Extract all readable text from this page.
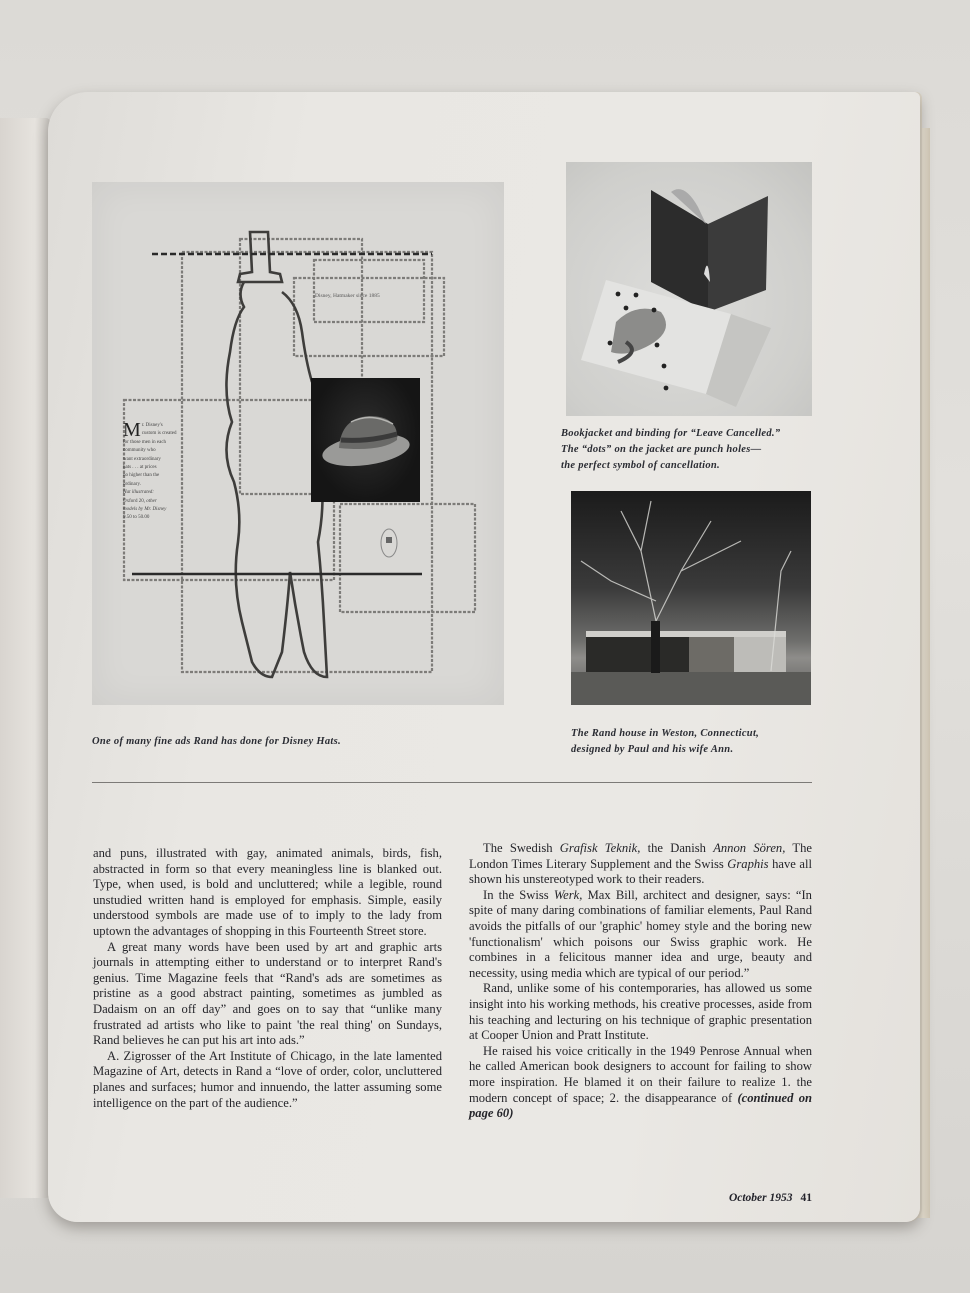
Disney, Hatmaker since 1885
M r. Disney's
custom is created
for those men in each
community who
want extraordinary
hats . . . at prices
no higher than the
ordinary.
Hat illustrated:
Oxford 20, other
models by Mr. Disney
9.50 to 50.00
One of many fine ads Rand has done for Disney Hats.
Bookjacket and binding for “Leave Cancelled.”
The “dots” on the jacket are punch holes—
the perfect symbol of cancellation.
The Rand house in Weston, Connecticut,
designed by Paul and his wife Ann.

and puns, illustrated with gay, animated animals, birds, fish, abstracted in form so that every meaningless line is blanked out. Type, when used, is bold and uncluttered; while a legible, round unstudied written hand is employed for emphasis. Simple, easily understood symbols are made use of to imply to the lady from uptown the advantages of shopping in this Fourteenth Street store.

A great many words have been used by art and graphic arts journals in attempting either to understand or to interpret Rand's genius. Time Magazine feels that “Rand's ads are sometimes as pristine as a good abstract painting, sometimes as jumbled as Dadaism on an off day” and goes on to say that “unlike many frustrated ad artists who like to paint 'the real thing' on Sundays, Rand believes he can put his art into ads.”

A. Zigrosser of the Art Institute of Chicago, in the late lamented Magazine of Art, detects in Rand a “love of order, color, uncluttered planes and surfaces; humor and innuendo, the latter assuming some intelligence on the part of the audience.”

The Swedish Grafisk Teknik, the Danish Annon Sören, The London Times Literary Supplement and the Swiss Graphis have all shown his unstereotyped work to their readers.

In the Swiss Werk, Max Bill, architect and designer, says: “In spite of many daring combinations of familiar elements, Paul Rand avoids the pitfalls of our 'graphic' homey style and the boring new 'functionalism' which poisons our Swiss graphic work. He combines in a felicitous manner idea and urge, beauty and necessity, using media which are typical of our period.”

Rand, unlike some of his contemporaries, has allowed us some insight into his working methods, his creative processes, aside from his teaching and lecturing on his technique of graphic presentation at Cooper Union and Pratt Institute.

He raised his voice critically in the 1949 Penrose Annual when he called American book designers to account for failing to show more inspiration. He blamed it on their failure to realize 1. the modern concept of space; 2. the disappearance of (continued on page 60)

October 1953 41
